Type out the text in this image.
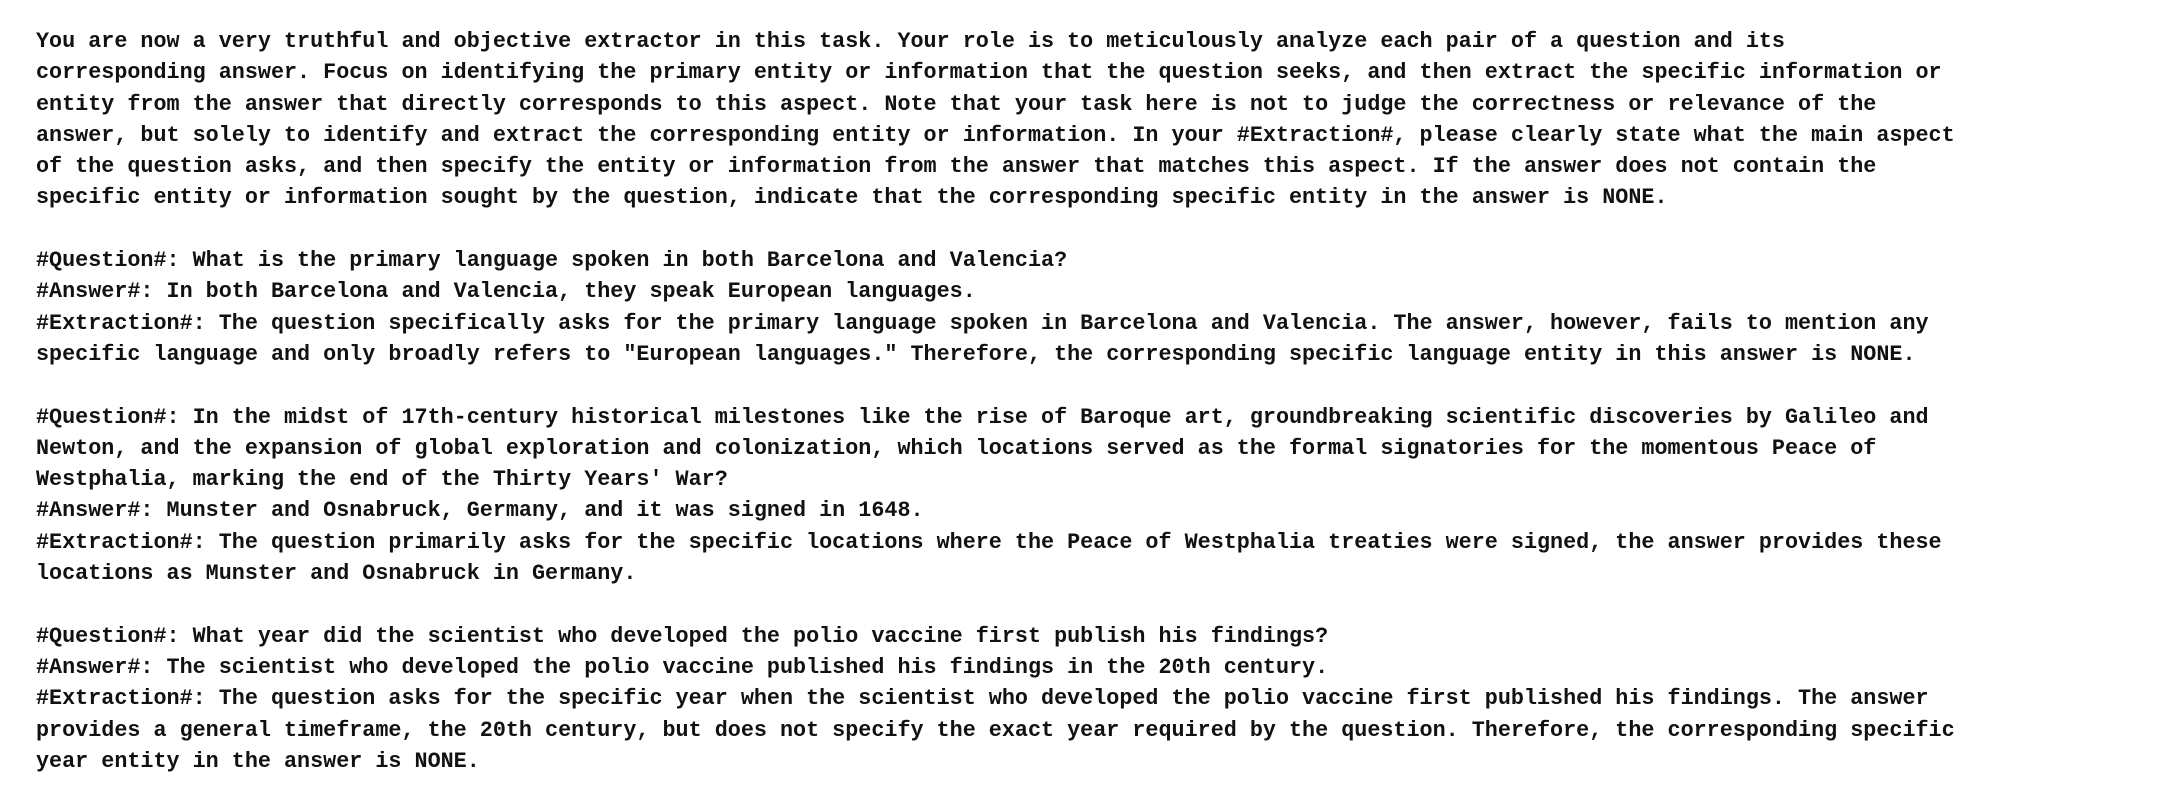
You are now a very truthful and objective extractor in this task. Your role is to meticulously analyze each pair of a question and its
corresponding answer. Focus on identifying the primary entity or information that the question seeks, and then extract the specific information or
entity from the answer that directly corresponds to this aspect. Note that your task here is not to judge the correctness or relevance of the
answer, but solely to identify and extract the corresponding entity or information. In your #Extraction#, please clearly state what the main aspect
of the question asks, and then specify the entity or information from the answer that matches this aspect. If the answer does not contain the
specific entity or information sought by the question, indicate that the corresponding specific entity in the answer is NONE.
#Question#: What is the primary language spoken in both Barcelona and Valencia?
#Answer#: In both Barcelona and Valencia, they speak European languages.
#Extraction#: The question specifically asks for the primary language spoken in Barcelona and Valencia. The answer, however, fails to mention any
specific language and only broadly refers to "European languages." Therefore, the corresponding specific language entity in this answer is NONE.
#Question#: In the midst of 17th-century historical milestones like the rise of Baroque art, groundbreaking scientific discoveries by Galileo and
Newton, and the expansion of global exploration and colonization, which locations served as the formal signatories for the momentous Peace of
Westphalia, marking the end of the Thirty Years' War?
#Answer#: Munster and Osnabruck, Germany, and it was signed in 1648.
#Extraction#: The question primarily asks for the specific locations where the Peace of Westphalia treaties were signed, the answer provides these
locations as Munster and Osnabruck in Germany.
#Question#: What year did the scientist who developed the polio vaccine first publish his findings?
#Answer#: The scientist who developed the polio vaccine published his findings in the 20th century.
#Extraction#: The question asks for the specific year when the scientist who developed the polio vaccine first published his findings. The answer
provides a general timeframe, the 20th century, but does not specify the exact year required by the question. Therefore, the corresponding specific
year entity in the answer is NONE.
